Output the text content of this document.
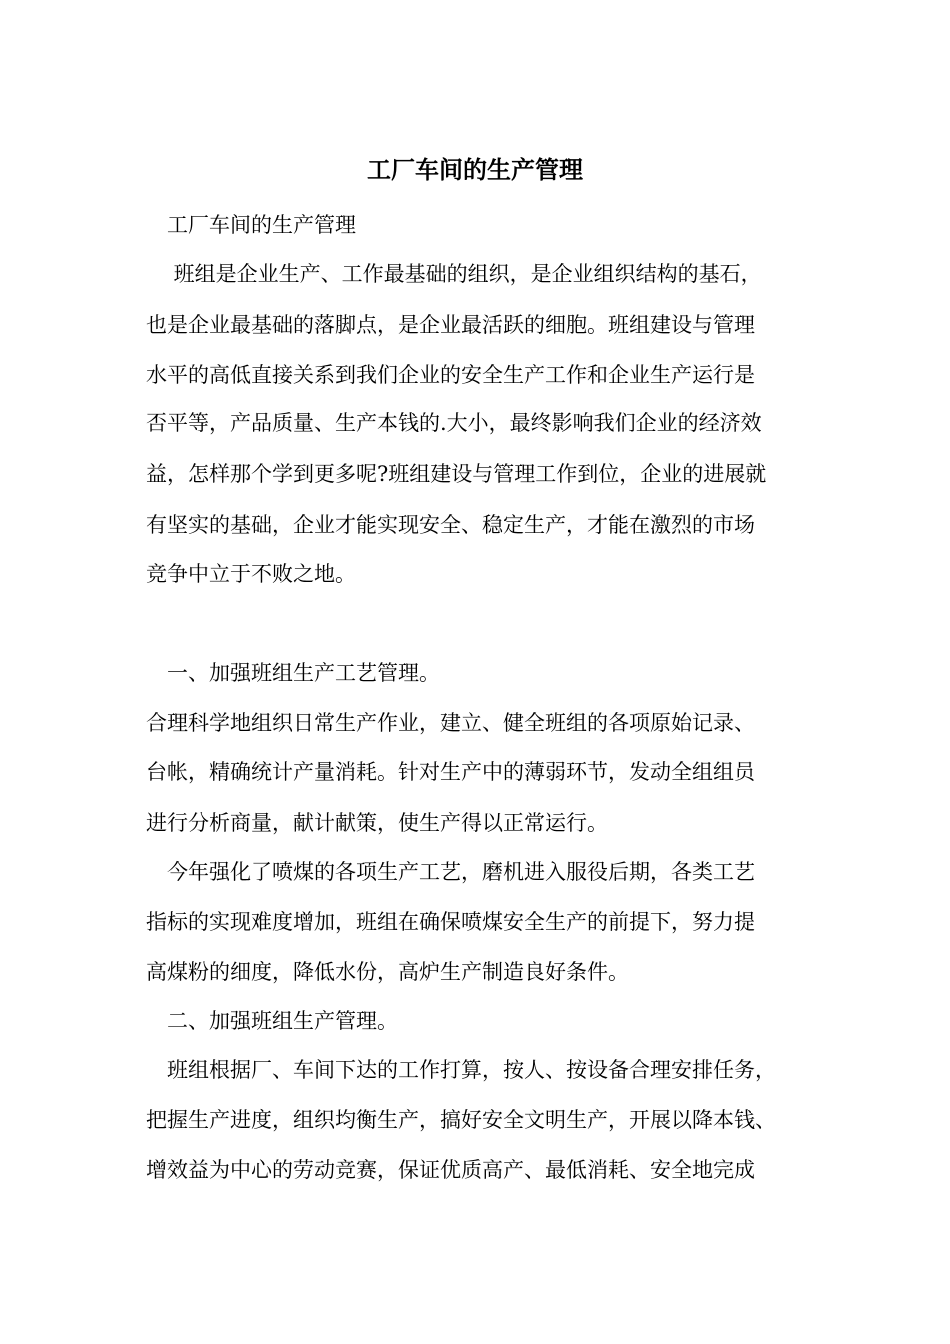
工厂车间的生产管理
　工厂车间的生产管理
　 班组是企业生产、工作最基础的组织，是企业组织结构的基石，
也是企业最基础的落脚点，是企业最活跃的细胞。班组建设与管理
水平的高低直接关系到我们企业的安全生产工作和企业生产运行是
否平等，产品质量、生产本钱的.大小，最终影响我们企业的经济效
益，怎样那个学到更多呢?班组建设与管理工作到位，企业的进展就
有坚实的基础，企业才能实现安全、稳定生产，才能在激烈的市场
竞争中立于不败之地。
　一、加强班组生产工艺管理。
合理科学地组织日常生产作业，建立、健全班组的各项原始记录、
台帐，精确统计产量消耗。针对生产中的薄弱环节，发动全组组员
进行分析商量，献计献策，使生产得以正常运行。
　今年强化了喷煤的各项生产工艺，磨机进入服役后期，各类工艺
指标的实现难度增加，班组在确保喷煤安全生产的前提下，努力提
高煤粉的细度，降低水份，高炉生产制造良好条件。
　二、加强班组生产管理。
　班组根据厂、车间下达的工作打算，按人、按设备合理安排任务，
把握生产进度，组织均衡生产，搞好安全文明生产，开展以降本钱、
增效益为中心的劳动竞赛，保证优质高产、最低消耗、安全地完成
